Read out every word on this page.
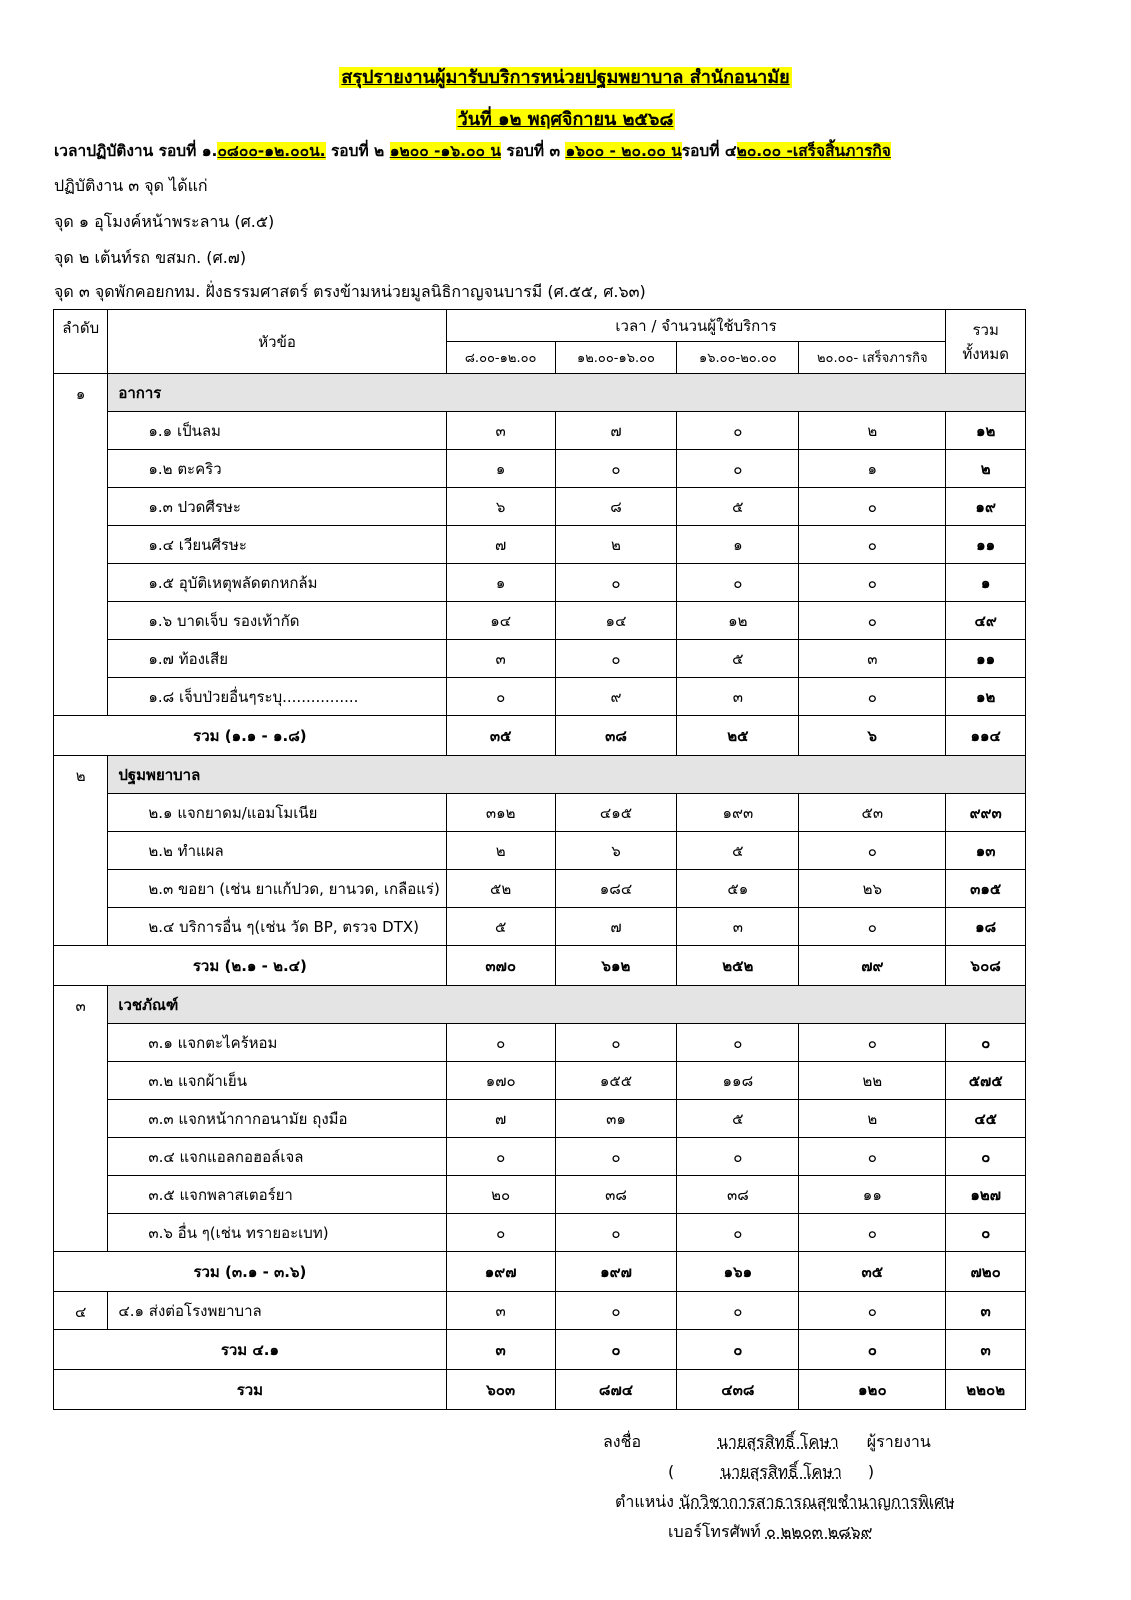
สรุปรายงานผู้มารับบริการหน่วยปฐมพยาบาล สำนักอนามัย
วันที่ ๑๒ พฤศจิกายน ๒๕๖๘
เวลาปฏิบัติงาน รอบที่ ๑.๐๘๐๐-๑๒.๐๐น. รอบที่ ๒ ๑๒๐๐ -๑๖.๐๐ น รอบที่ ๓ ๑๖๐๐ - ๒๐.๐๐ นรอบที่ ๔๒๐.๐๐ -เสร็จสิ้นภารกิจ
ปฏิบัติงาน ๓ จุด ได้แก่
จุด ๑ อุโมงค์หน้าพระลาน (ศ.๕)
จุด ๒ เต้นท์รถ ขสมก. (ศ.๗)
จุด ๓ จุดพักคอยกทม. ฝั่งธรรมศาสตร์ ตรงข้ามหน่วยมูลนิธิกาญจนบารมี (ศ.๕๕, ศ.๖๓)
ลำดับ	หัวข้อ	เวลา / จำนวนผู้ใช้บริการ				รวม
ทั้งหมด

		๘.๐๐-๑๒.๐๐	๑๒.๐๐-๑๖.๐๐	๑๖.๐๐-๒๐.๐๐	๒๐.๐๐- เสร็จภารกิจ	
๑	อาการ					
	๑.๑ เป็นลม	๓	๗	๐	๒	๑๒
	๑.๒ ตะคริว	๑	๐	๐	๑	๒
	๑.๓ ปวดศีรษะ	๖	๘	๕	๐	๑๙
	๑.๔ เวียนศีรษะ	๗	๒	๑	๐	๑๑
	๑.๕ อุบัติเหตุพลัดตกหกล้ม	๑	๐	๐	๐	๑
	๑.๖ บาดเจ็บ รองเท้ากัด	๑๔	๑๔	๑๒	๐	๔๙
	๑.๗ ท้องเสีย	๓	๐	๕	๓	๑๑
	๑.๘ เจ็บป่วยอื่นๆระบุ................	๐	๙	๓	๐	๑๒
รวม (๑.๑ - ๑.๘)		๓๕	๓๘	๒๕	๖	๑๑๔
๒	ปฐมพยาบาล					
	๒.๑ แจกยาดม/แอมโมเนีย	๓๑๒	๔๑๕	๑๙๓	๕๓	๙๙๓
	๒.๒ ทำแผล	๒	๖	๕	๐	๑๓
	๒.๓ ขอยา (เช่น ยาแก้ปวด, ยานวด, เกลือแร่)	๕๒	๑๘๔	๕๑	๒๖	๓๑๕
	๒.๔ บริการอื่น ๆ(เช่น วัด BP, ตรวจ DTX)	๕	๗	๓	๐	๑๘
รวม (๒.๑ - ๒.๔)		๓๗๐	๖๑๒	๒๕๒	๗๙	๖๐๘
๓	เวชภัณฑ์					
	๓.๑ แจกตะไคร้หอม	๐	๐	๐	๐	๐
	๓.๒ แจกผ้าเย็น	๑๗๐	๑๕๕	๑๑๘	๒๒	๕๗๕
	๓.๓ แจกหน้ากากอนามัย ถุงมือ	๗	๓๑	๕	๒	๔๕
	๓.๔ แจกแอลกอฮอล์เจล	๐	๐	๐	๐	๐
	๓.๕ แจกพลาสเตอร์ยา	๒๐	๓๘	๓๘	๑๑	๑๒๗
	๓.๖ อื่น ๆ(เช่น ทรายอะเบท)	๐	๐	๐	๐	๐
รวม (๓.๑ - ๓.๖)		๑๙๗	๑๙๗	๑๖๑	๓๕	๗๒๐
๔	๔.๑ ส่งต่อโรงพยาบาล	๓	๐	๐	๐	๓
รวม ๔.๑		๓	๐	๐	๐	๓
รวม		๖๐๓	๘๗๔	๔๓๘	๑๒๐	๒๒๐๒
ลงชื่อ	นายสุรสิทธิ์ โคษา ผู้รายงาน
(	นายสุรสิทธิ์ โคษา )
ตำแหน่ง นักวิชาการสาธารณสุขชำนาญการพิเศษ
เบอร์โทรศัพท์ ๐ ๒๒๐๓ ๒๘๖๙
